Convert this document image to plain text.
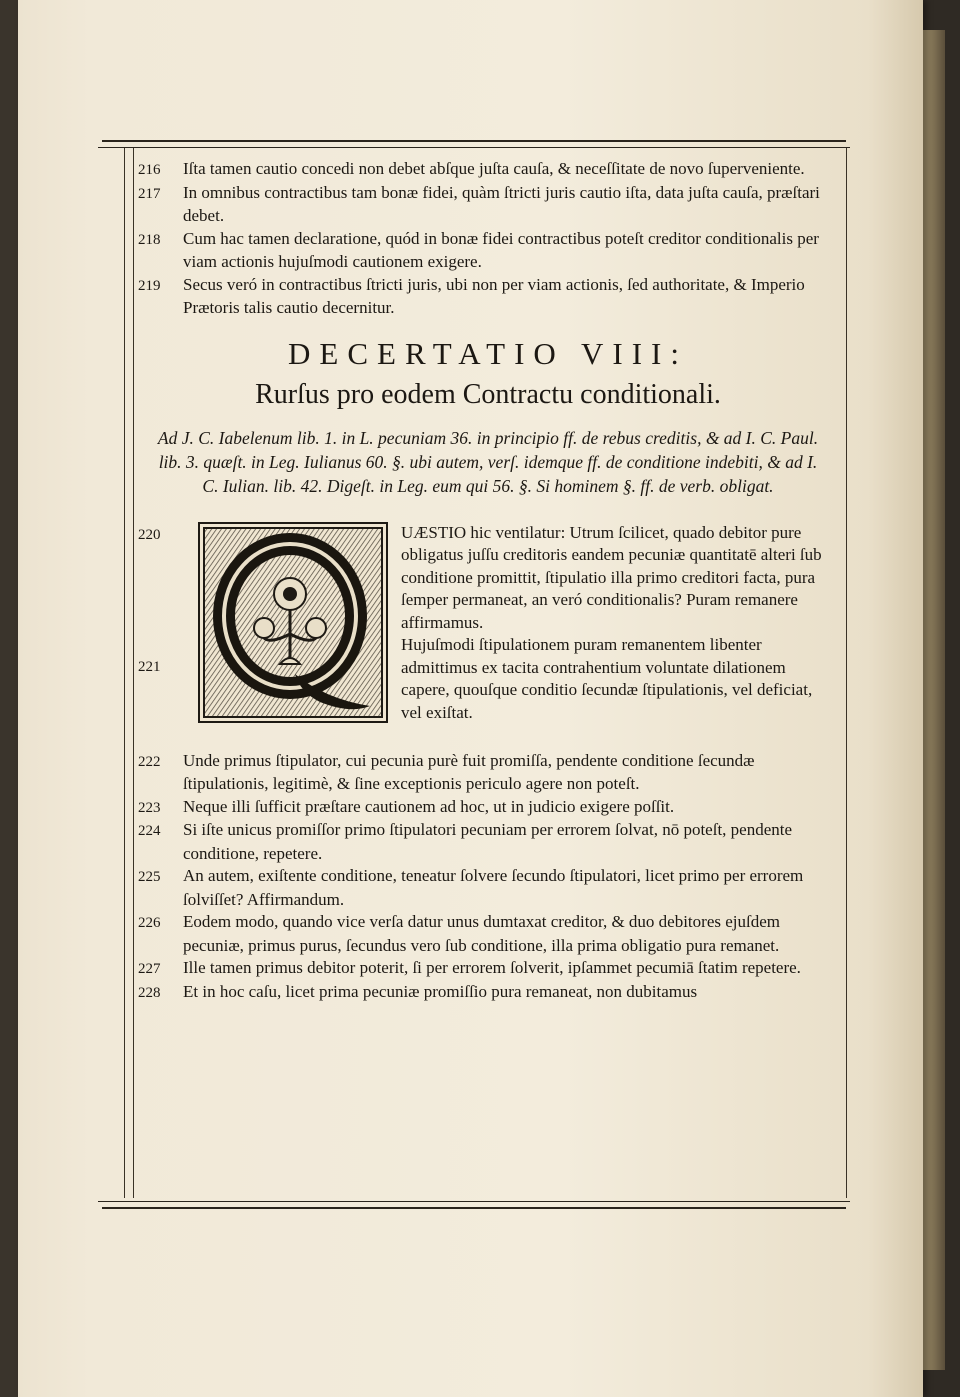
216 Iſta tamen cautio concedi non debet abſque juſta cauſa, & neceſſitate de novo ſuperveniente.
217 In omnibus contractibus tam bonæ fidei, quàm ſtricti juris cautio iſta, data juſta cauſa, præſtari debet.
218 Cum hac tamen declaratione, quód in bonæ fidei contractibus poteſt creditor conditionalis per viam actionis hujuſmodi cautionem exigere.
219 Secus veró in contractibus ſtricti juris, ubi non per viam actionis, ſed authoritate, & Imperio Prætoris talis cautio decernitur.
DECERTATIO VIII:
Rurſus pro eodem Contractu conditionali.
Ad J. C. Iabelenum lib. 1. in L. pecuniam 36. in principio ff. de rebus creditis, & ad I. C. Paul. lib. 3. quæſt. in Leg. Iulianus 60. §. ubi autem, verſ. idemque ff. de conditione indebiti, & ad I. C. Iulian. lib. 42. Digeſt. in Leg. eum qui 56. §. Si hominem §. ff. de verb. obligat.
220
221
UÆSTIO hic ventilatur: Utrum ſcilicet, quado debitor pure obligatus juſſu creditoris eandem pecuniæ quantitatē alteri ſub conditione promittit, ſtipulatio illa primo creditori facta, pura ſemper permaneat, an veró conditionalis? Puram remanere affirmamus.
Hujuſmodi ſtipulationem puram remanentem libenter admittimus ex tacita contrahentium voluntate dilationem capere, quouſque conditio ſecundæ ſtipulationis, vel deficiat, vel exiſtat.
222 Unde primus ſtipulator, cui pecunia purè fuit promiſſa, pendente conditione ſecundæ ſtipulationis, legitimè, & ſine exceptionis periculo agere non poteſt.
223 Neque illi ſufficit præſtare cautionem ad hoc, ut in judicio exigere poſſit.
224 Si iſte unicus promiſſor primo ſtipulatori pecuniam per errorem ſolvat, nō poteſt, pendente conditione, repetere.
225 An autem, exiſtente conditione, teneatur ſolvere ſecundo ſtipulatori, licet primo per errorem ſolviſſet? Affirmandum.
226 Eodem modo, quando vice verſa datur unus dumtaxat creditor, & duo debitores ejuſdem pecuniæ, primus purus, ſecundus vero ſub conditione, illa prima obligatio pura remanet.
227 Ille tamen primus debitor poterit, ſi per errorem ſolverit, ipſammet pecumiā ſtatim repetere.
228 Et in hoc caſu, licet prima pecuniæ promiſſio pura remaneat, non dubitamus
